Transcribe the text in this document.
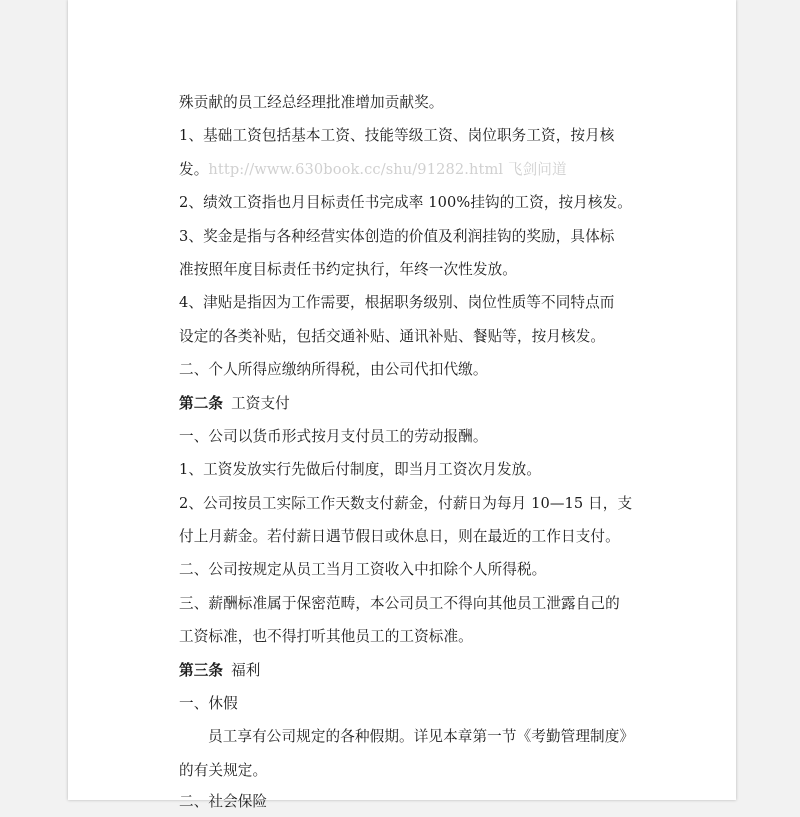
殊贡献的员工经总经理批准增加贡献奖。
1、基础工资包括基本工资、技能等级工资、岗位职务工资，按月核
发。http://www.630book.cc/shu/91282.html 飞剑问道
2、绩效工资指也月目标责任书完成率 100%挂钩的工资，按月核发。
3、奖金是指与各种经营实体创造的价值及利润挂钩的奖励，具体标
准按照年度目标责任书约定执行，年终一次性发放。
4、津贴是指因为工作需要，根据职务级别、岗位性质等不同特点而
设定的各类补贴，包括交通补贴、通讯补贴、餐贴等，按月核发。
二、个人所得应缴纳所得税，由公司代扣代缴。
第二条 工资支付
一、公司以货币形式按月支付员工的劳动报酬。
1、工资发放实行先做后付制度，即当月工资次月发放。
2、公司按员工实际工作天数支付薪金，付薪日为每月 10—15 日，支
付上月薪金。若付薪日遇节假日或休息日，则在最近的工作日支付。
二、公司按规定从员工当月工资收入中扣除个人所得税。
三、薪酬标准属于保密范畴，本公司员工不得向其他员工泄露自己的
工资标准，也不得打听其他员工的工资标准。
第三条 福利
一、休假
员工享有公司规定的各种假期。详见本章第一节《考勤管理制度》
的有关规定。
二、社会保险
